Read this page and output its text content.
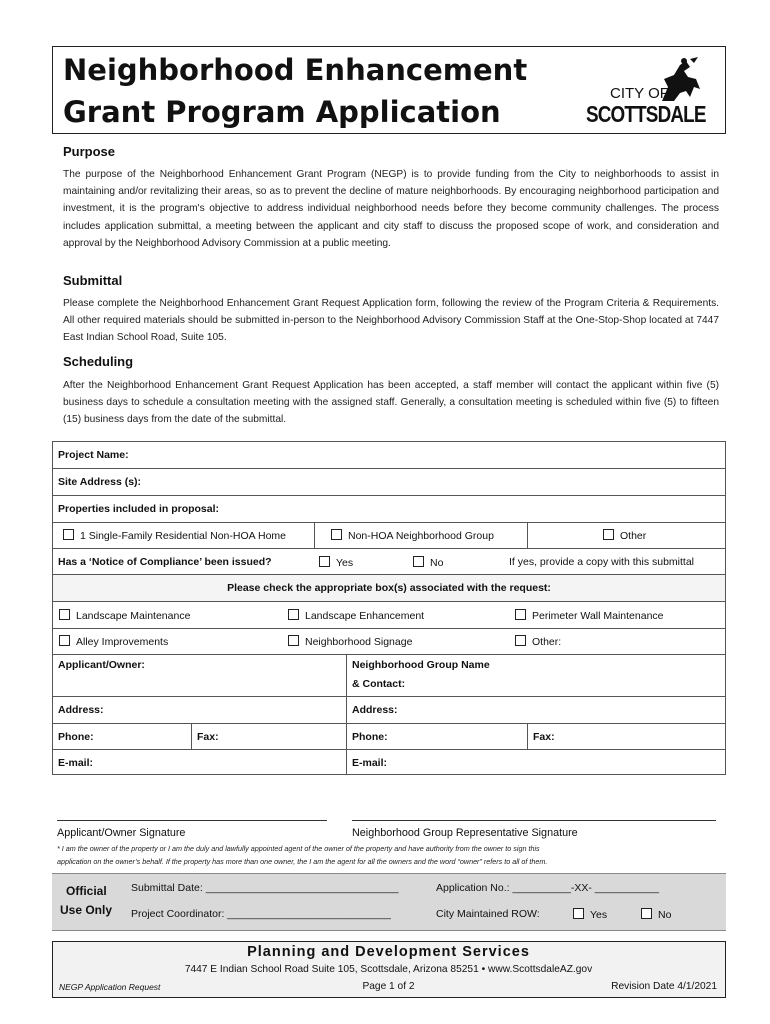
Neighborhood Enhancement
Grant Program Application
CITY OF
SCOTTSDALE
Purpose
The purpose of the Neighborhood Enhancement Grant Program (NEGP) is to provide funding from the City to neighborhoods to assist in maintaining and/or revitalizing their areas, so as to prevent the decline of mature neighborhoods. By encouraging neighborhood participation and investment, it is the program's objective to address individual neighborhood needs before they become community challenges. The process includes application submittal, a meeting between the applicant and city staff to discuss the proposed scope of work, and consideration and approval by the Neighborhood Advisory Commission at a public meeting.
Submittal
Please complete the Neighborhood Enhancement Grant Request Application form, following the review of the Program Criteria & Requirements. All other required materials should be submitted in-person to the Neighborhood Advisory Commission Staff at the One-Stop-Shop located at 7447 East Indian School Road, Suite 105.
Scheduling
After the Neighborhood Enhancement Grant Request Application has been accepted, a staff member will contact the applicant within five (5) business days to schedule a consultation meeting with the assigned staff. Generally, a consultation meeting is scheduled within five (5) to fifteen (15) business days from the date of the submittal.
Project Name:
Site Address (s):
Properties included in proposal:
1 Single-Family Residential Non-HOA Home	Non-HOA Neighborhood Group	Other
Has a ‘Notice of Compliance’ been issued?	Yes	No	If yes, provide a copy with this submittal
Please check the appropriate box(s) associated with the request:
Landscape Maintenance	Landscape Enhancement	Perimeter Wall Maintenance
Alley Improvements	Neighborhood Signage	Other:
Applicant/Owner:	Neighborhood Group Name
& Contact:
Address:	Address:
Phone:	Fax:	Phone:	Fax:
E-mail:	E-mail:
Applicant/Owner Signature	Neighborhood Group Representative Signature
* I am the owner of the property or I am the duly and lawfully appointed agent of the owner of the property and have authority from the owner to sign this
application on the owner’s behalf. If the property has more than one owner, the I am the agent for all the owners and the word “owner” refers to all of them.
Official
Use Only
Submittal Date: _________________________________	Application No.: __________-XX- ___________
Project Coordinator: ____________________________	City Maintained ROW:	Yes	No
Planning and Development Services
7447 E Indian School Road Suite 105, Scottsdale, Arizona 85251 • www.ScottsdaleAZ.gov
NEGP Application Request	Page 1 of 2	Revision Date 4/1/2021
